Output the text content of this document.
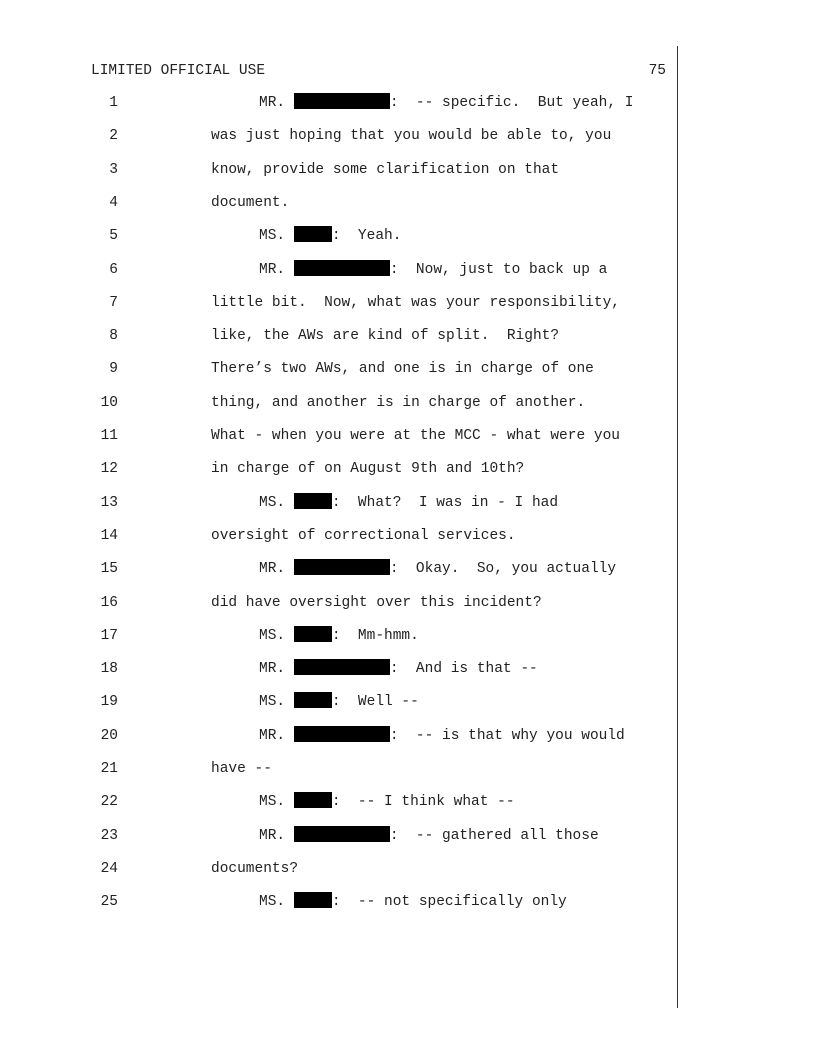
LIMITED OFFICIAL USE	75
1	MR.	:  -- specific.  But yeah, I
2	was just hoping that you would be able to, you
3	know, provide some clarification on that
4	document.
5	MS.	:  Yeah.
6	MR.	:  Now, just to back up a
7	little bit.  Now, what was your responsibility,
8	like, the AWs are kind of split.  Right?
9	There’s two AWs, and one is in charge of one
10	thing, and another is in charge of another.
11	What - when you were at the MCC - what were you
12	in charge of on August 9th and 10th?
13	MS.	:  What?  I was in - I had
14	oversight of correctional services.
15	MR.	:  Okay.  So, you actually
16	did have oversight over this incident?
17	MS.	:  Mm-hmm.
18	MR.	:  And is that --
19	MS.	:  Well --
20	MR.	:  -- is that why you would
21	have --
22	MS.	:  -- I think what --
23	MR.	:  -- gathered all those
24	documents?
25	MS.	:  -- not specifically only
